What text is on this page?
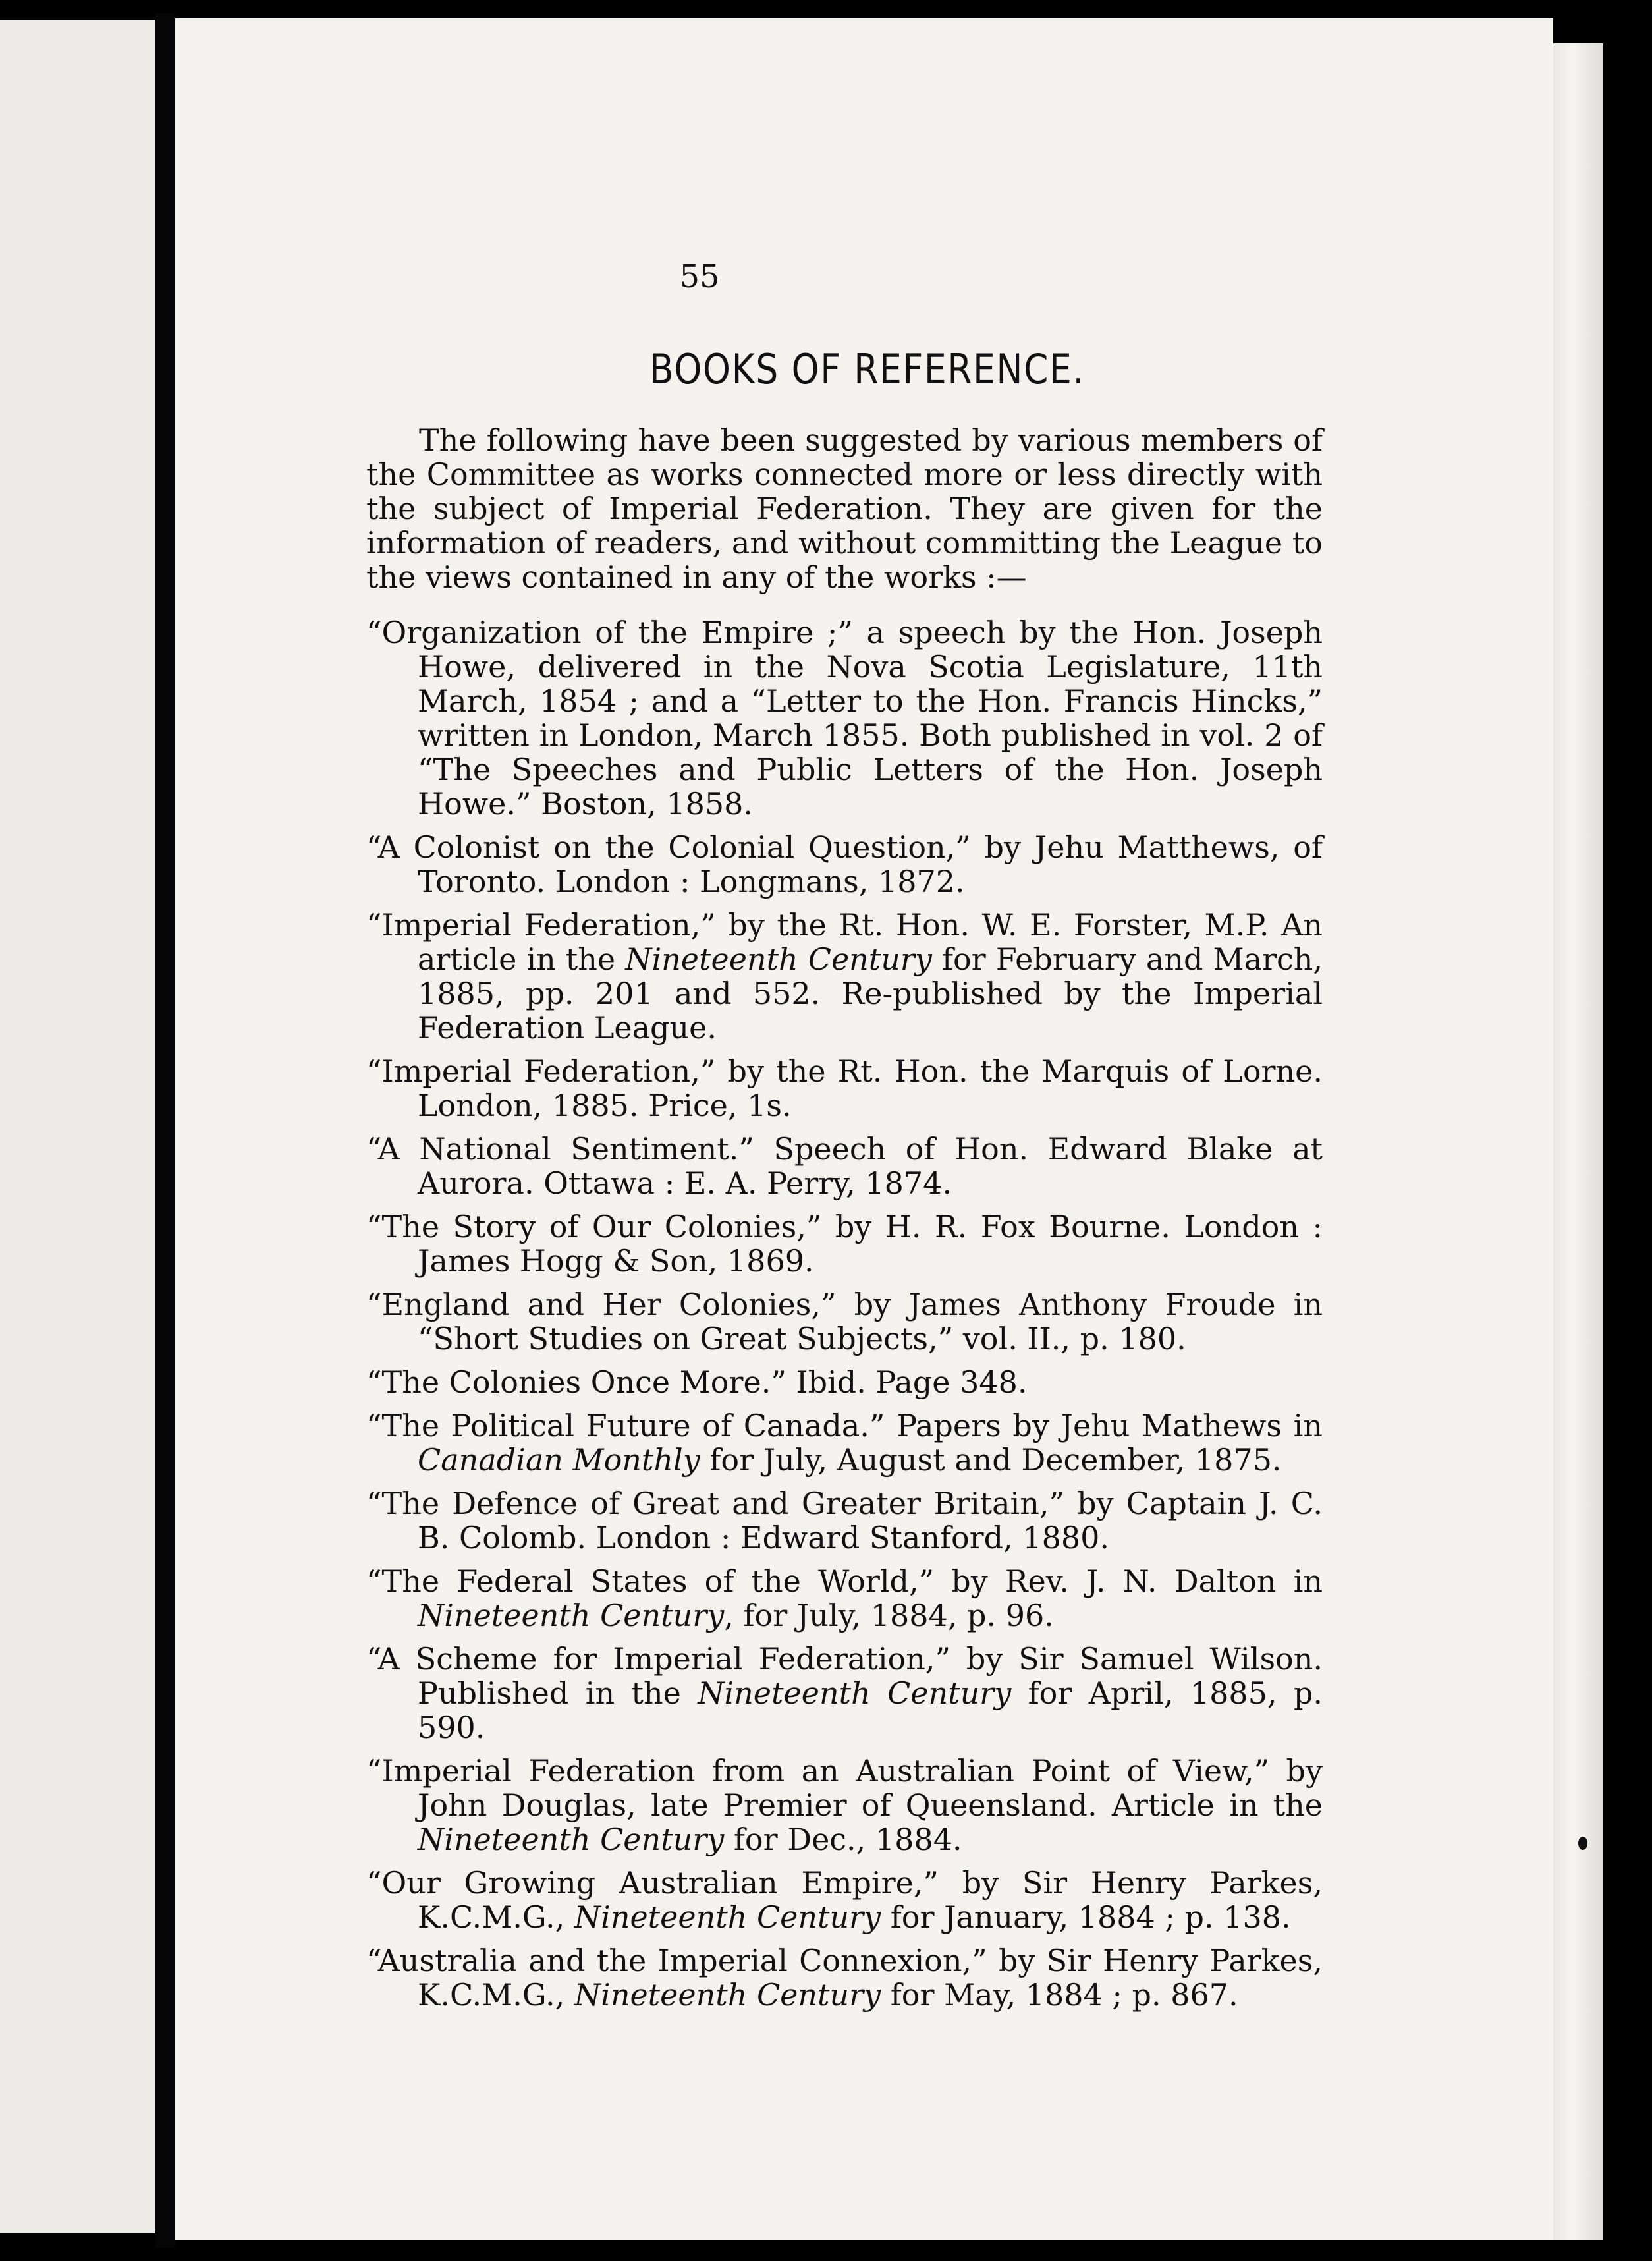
55
BOOKS OF REFERENCE.

The following have been suggested by various members of the Committee as works connected more or less directly with the subject of Imperial Federation. They are given for the information of readers, and without committing the League to the views contained in any of the works :—

“Organization of the Empire ;” a speech by the Hon. Joseph Howe, delivered in the Nova Scotia Legislature, 11th March, 1854 ; and a “Letter to the Hon. Francis Hincks,” written in London, March 1855. Both published in vol. 2 of “The Speeches and Public Letters of the Hon. Joseph Howe.” Boston, 1858.

“A Colonist on the Colonial Question,” by Jehu Matthews, of Toronto. London : Longmans, 1872.

“Imperial Federation,” by the Rt. Hon. W. E. Forster, M.P. An article in the Nineteenth Century for February and March, 1885, pp. 201 and 552. Re-published by the Imperial Federation League.

“Imperial Federation,” by the Rt. Hon. the Marquis of Lorne. London, 1885. Price, 1s.

“A National Sentiment.” Speech of Hon. Edward Blake at Aurora. Ottawa : E. A. Perry, 1874.

“The Story of Our Colonies,” by H. R. Fox Bourne. London : James Hogg & Son, 1869.

“England and Her Colonies,” by James Anthony Froude in “Short Studies on Great Subjects,” vol. II., p. 180.

“The Colonies Once More.” Ibid. Page 348.

“The Political Future of Canada.” Papers by Jehu Mathews in Canadian Monthly for July, August and December, 1875.

“The Defence of Great and Greater Britain,” by Captain J. C. B. Colomb. London : Edward Stanford, 1880.

“The Federal States of the World,” by Rev. J. N. Dalton in Nineteenth Century, for July, 1884, p. 96.

“A Scheme for Imperial Federation,” by Sir Samuel Wilson. Published in the Nineteenth Century for April, 1885, p. 590.

“Imperial Federation from an Australian Point of View,” by John Douglas, late Premier of Queensland. Article in the Nineteenth Century for Dec., 1884.

“Our Growing Australian Empire,” by Sir Henry Parkes, K.C.M.G., Nineteenth Century for January, 1884 ; p. 138.

“Australia and the Imperial Connexion,” by Sir Henry Parkes, K.C.M.G., Nineteenth Century for May, 1884 ; p. 867.
